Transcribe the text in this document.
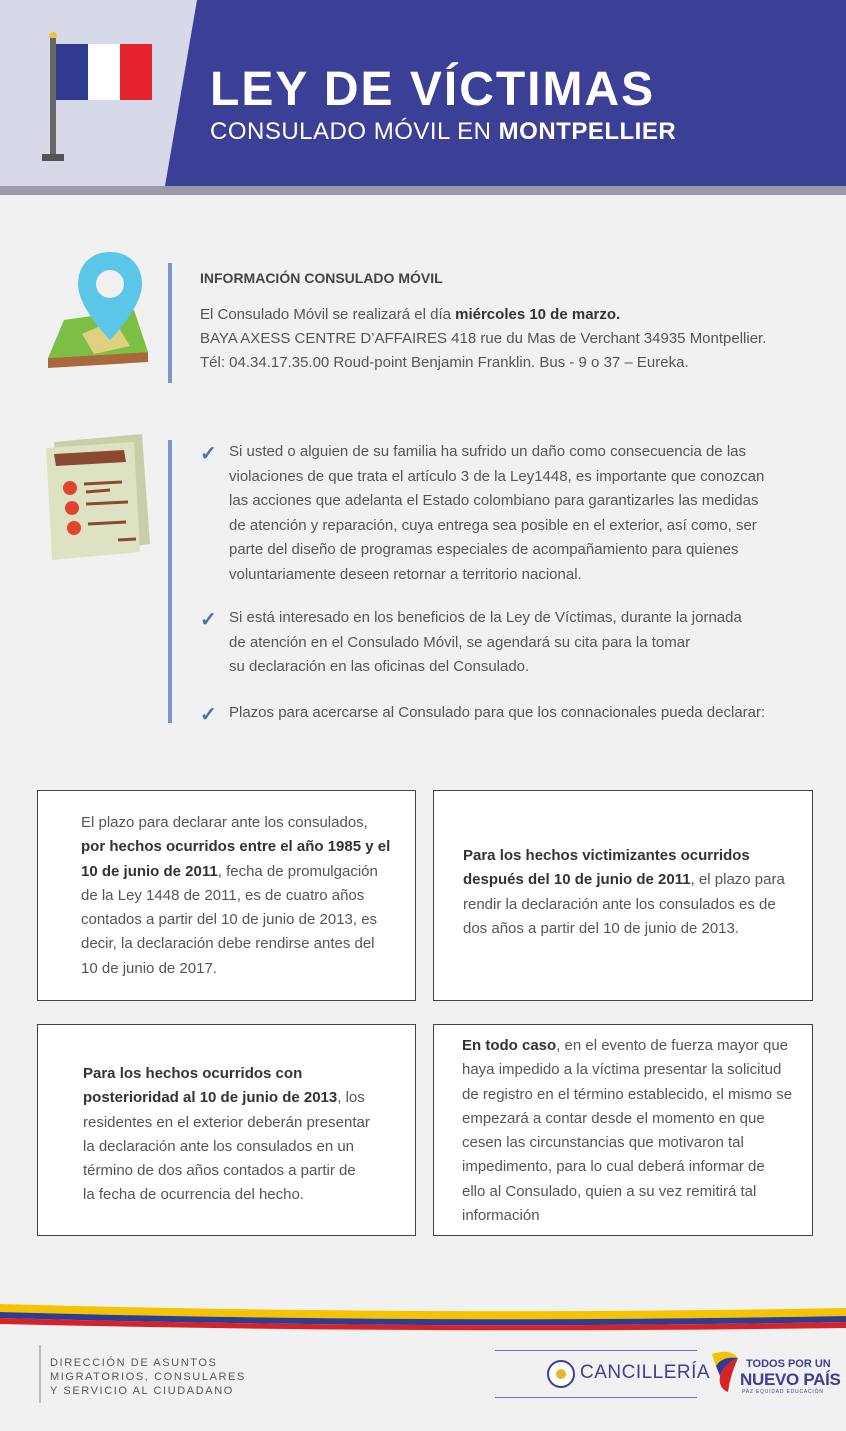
LEY DE VÍCTIMAS
CONSULADO MÓVIL EN MONTPELLIER
INFORMACIÓN CONSULADO MÓVIL
El Consulado Móvil se realizará el día miércoles 10 de marzo.
BAYA AXESS CENTRE D’AFFAIRES 418 rue du Mas de Verchant 34935 Montpellier.
Tél: 04.34.17.35.00 Roud-point Benjamin Franklin. Bus - 9 o 37 – Eureka.
✓ Si usted o alguien de su familia ha sufrido un daño como consecuencia de las
violaciones de que trata el artículo 3 de la Ley1448, es importante que conozcan
las acciones que adelanta el Estado colombiano para garantizarles las medidas
de atención y reparación, cuya entrega sea posible en el exterior, así como, ser
parte del diseño de programas especiales de acompañamiento para quienes
voluntariamente deseen retornar a territorio nacional.
✓ Si está interesado en los beneficios de la Ley de Víctimas, durante la jornada
de atención en el Consulado Móvil, se agendará su cita para la tomar
su declaración en las oficinas del Consulado.
✓ Plazos para acercarse al Consulado para que los connacionales pueda declarar:
El plazo para declarar ante los consulados,
por hechos ocurridos entre el año 1985 y el
10 de junio de 2011, fecha de promulgación
de la Ley 1448 de 2011, es de cuatro años
contados a partir del 10 de junio de 2013, es
decir, la declaración debe rendirse antes del
10 de junio de 2017.
Para los hechos victimizantes ocurridos
después del 10 de junio de 2011, el plazo para
rendir la declaración ante los consulados es de
dos años a partir del 10 de junio de 2013.
Para los hechos ocurridos con
posterioridad al 10 de junio de 2013, los
residentes en el exterior deberán presentar
la declaración ante los consulados en un
término de dos años contados a partir de
la fecha de ocurrencia del hecho.
En todo caso, en el evento de fuerza mayor que
haya impedido a la víctima presentar la solicitud
de registro en el término establecido, el mismo se
empezará a contar desde el momento en que
cesen las circunstancias que motivaron tal
impedimento, para lo cual deberá informar de
ello al Consulado, quien a su vez remitirá tal
información
DIRECCIÓN DE ASUNTOS
MIGRATORIOS, CONSULARES
Y SERVICIO AL CIUDADANO
CANCILLERÍA	TODOS POR UN
NUEVO PAÍS
PAZ EQUIDAD EDUCACIÓN
